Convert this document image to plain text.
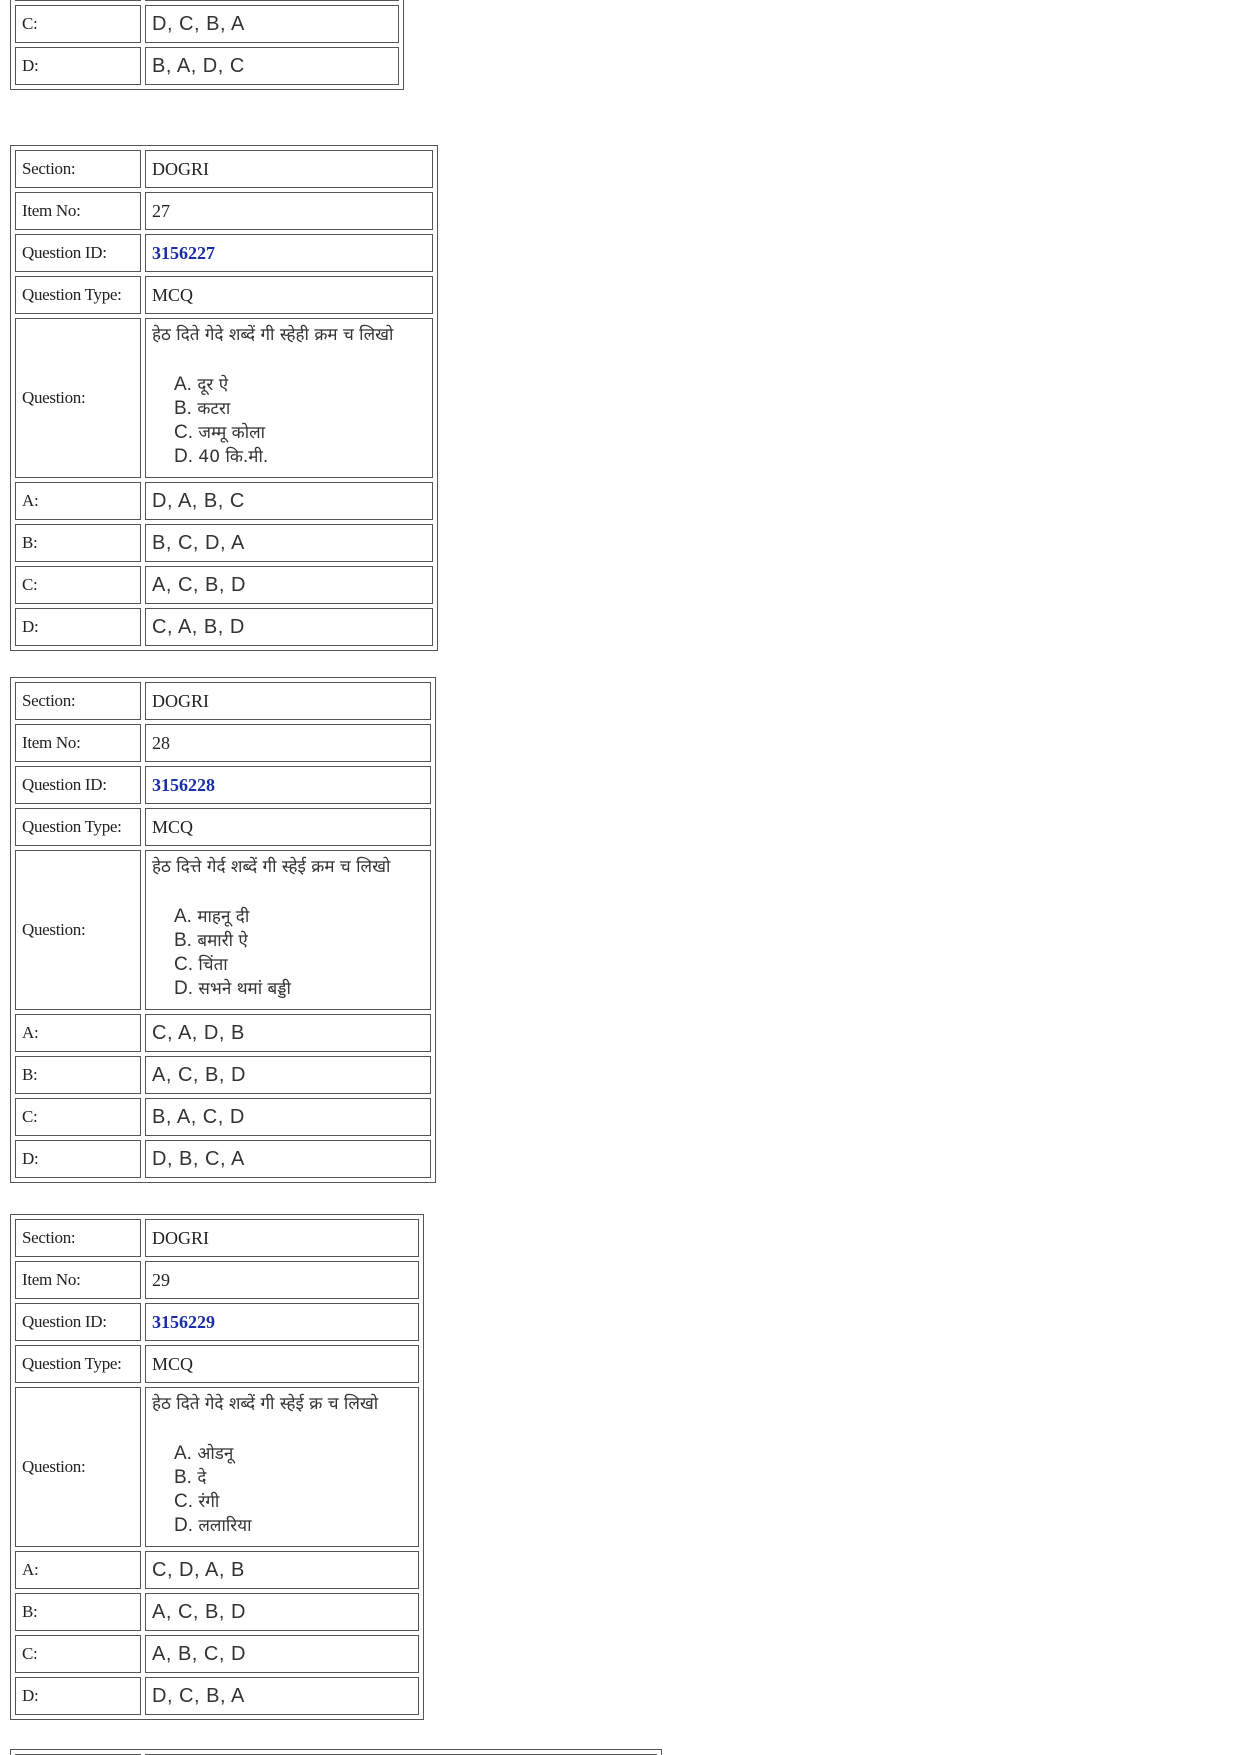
C:	D, C, B, A
D:	B, A, D, C
Section:	DOGRI
Item No:	27
Question ID:	3156227
Question Type:	MCQ
Question:	हेठ दिते गेदे शब्दें गी स्हेही क्रम च लिखो
A. दूर ऐ
B. कटरा
C. जम्मू कोला
D. 40 कि.मी.

A:	D, A, B, C
B:	B, C, D, A
C:	A, C, B, D
D:	C, A, B, D
Section:	DOGRI
Item No:	28
Question ID:	3156228
Question Type:	MCQ
Question:	हेठ दित्ते गेर्द शब्दें गी स्हेई क्रम च लिखो
A. माहनू दी
B. बमारी ऐ
C. चिंता
D. सभने थमां बड्डी

A:	C, A, D, B
B:	A, C, B, D
C:	B, A, C, D
D:	D, B, C, A
Section:	DOGRI
Item No:	29
Question ID:	3156229
Question Type:	MCQ
Question:	हेठ दिते गेदे शब्दें गी स्हेई क्र च लिखो
A. ओडनू
B. दे
C. रंगी
D. ललारिया

A:	C, D, A, B
B:	A, C, B, D
C:	A, B, C, D
D:	D, C, B, A
